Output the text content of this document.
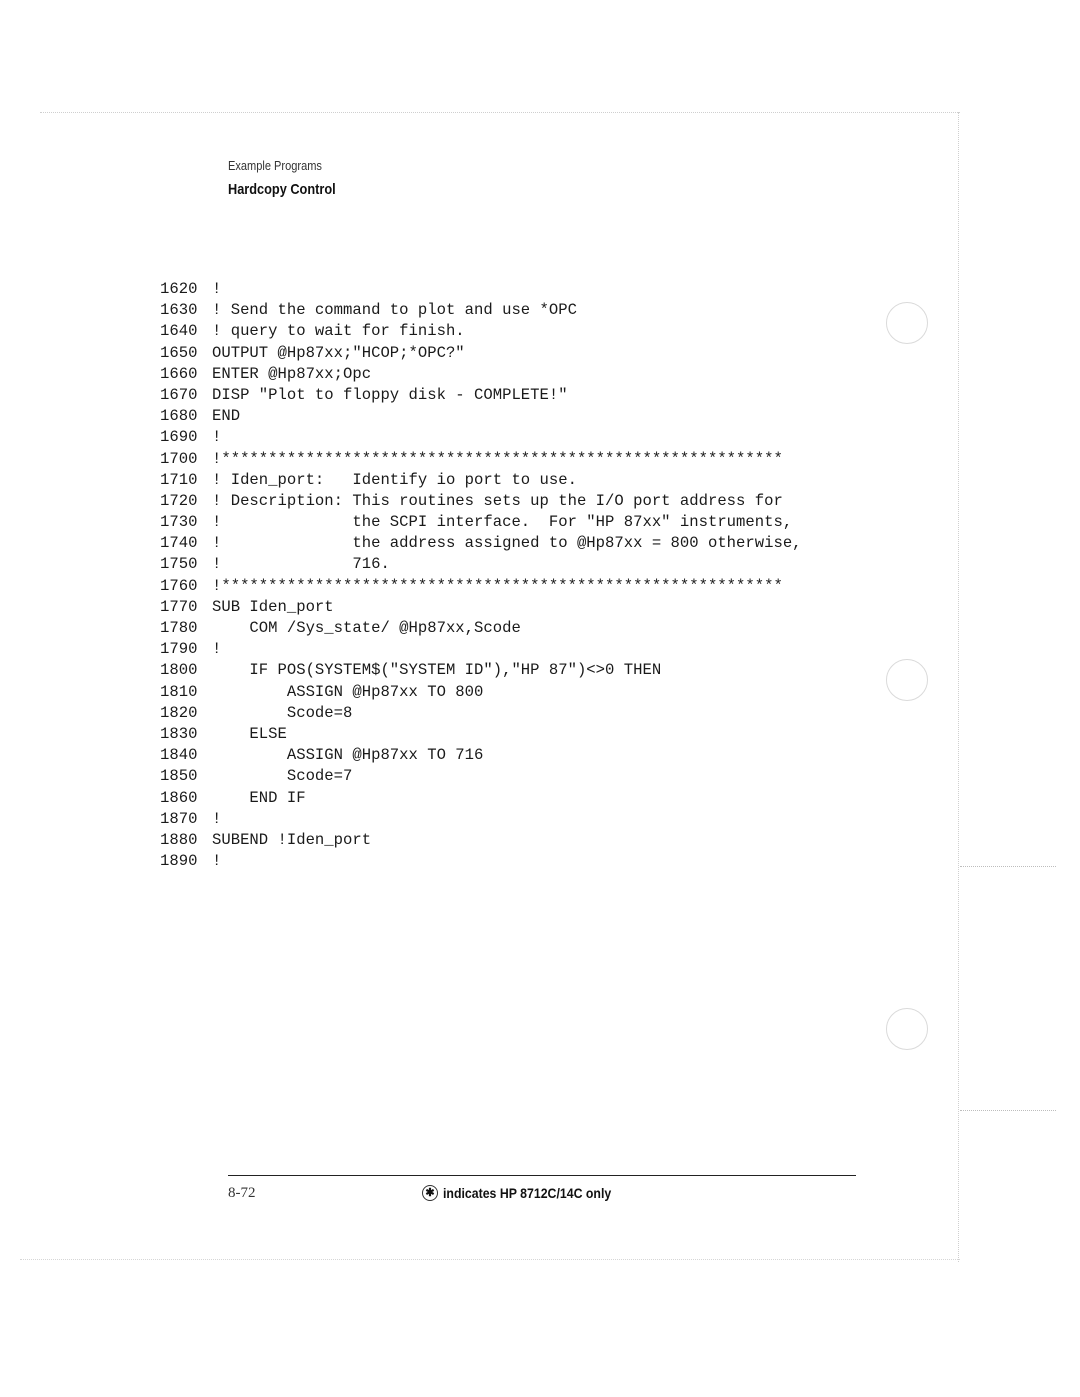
Example Programs
Hardcopy Control
1620 !
1630 ! Send the command to plot and use *OPC
1640 ! query to wait for finish.
1650 OUTPUT @Hp87xx;"HCOP;*OPC?"
1660 ENTER @Hp87xx;Opc
1670 DISP "Plot to floppy disk - COMPLETE!"
1680 END
1690 !
1700 !************************************************************
1710 ! Iden_port:   Identify io port to use.
1720 ! Description: This routines sets up the I/O port address for
1730 !              the SCPI interface.  For "HP 87xx" instruments,
1740 !              the address assigned to @Hp87xx = 800 otherwise,
1750 !              716.
1760 !************************************************************
1770 SUB Iden_port
1780    COM /Sys_state/ @Hp87xx,Scode
1790 !
1800    IF POS(SYSTEM$("SYSTEM ID"),"HP 87")<>0 THEN
1810        ASSIGN @Hp87xx TO 800
1820        Scode=8
1830    ELSE
1840        ASSIGN @Hp87xx TO 716
1850        Scode=7
1860    END IF
1870 !
1880 SUBEND !Iden_port
1890 !
8-72	✱ indicates HP 8712C/14C only
